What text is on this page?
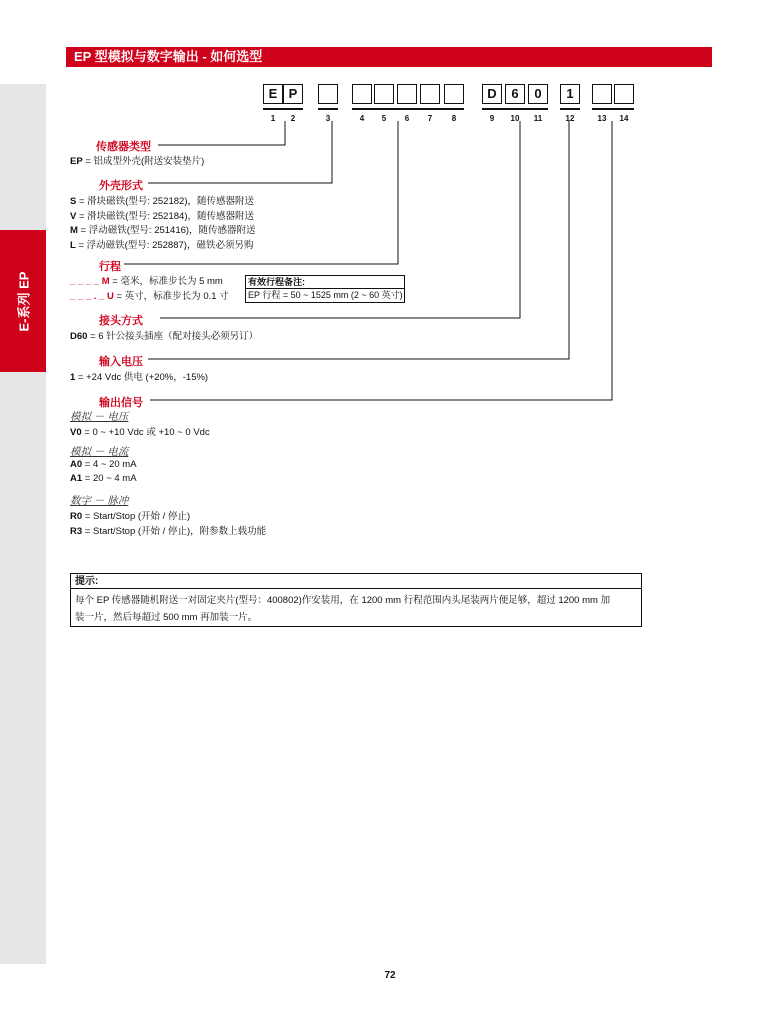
E-系列 EP
EP 型模拟与数字输出 - 如何选型
E
1
P
2	3	4	5	6	7	8
D
9
6
10
0
11
1
12	13	14
传感器类型
EP = 铝成型外壳(附送安装垫片)
外壳形式
S = 滑块磁铁(型号: 252182)，随传感器附送
V = 滑块磁铁(型号: 252184)，随传感器附送
M = 浮动磁铁(型号: 251416)，随传感器附送
L = 浮动磁铁(型号: 252887)，磁铁必须另购
行程
_ _ _ _ M = 毫米，标准步长为 5 mm
_ _ _ . _ U = 英寸，标准步长为 0.1 寸
有效行程备注:
EP 行程 = 50 ~ 1525 mm (2 ~ 60 英寸)
接头方式
D60 = 6 针公接头插座（配对接头必须另订）
输入电压
1 = +24 Vdc 供电 (+20%，-15%)
输出信号
模拟 － 电压
V0 = 0 ~ +10 Vdc 或 +10 ~ 0 Vdc
模拟 － 电流
A0 = 4 ~ 20 mA
A1 = 20 ~ 4 mA
数字 － 脉冲
R0 = Start/Stop (开始 / 停止)
R3 = Start/Stop (开始 / 停止)，附参数上载功能
提示:
每个 EP 传感器随机附送一对固定夹片(型号：400802)作安装用，在 1200 mm 行程范围内头尾装两片便足够，超过 1200 mm 加
装一片，然后每超过 500 mm 再加装一片。
72
